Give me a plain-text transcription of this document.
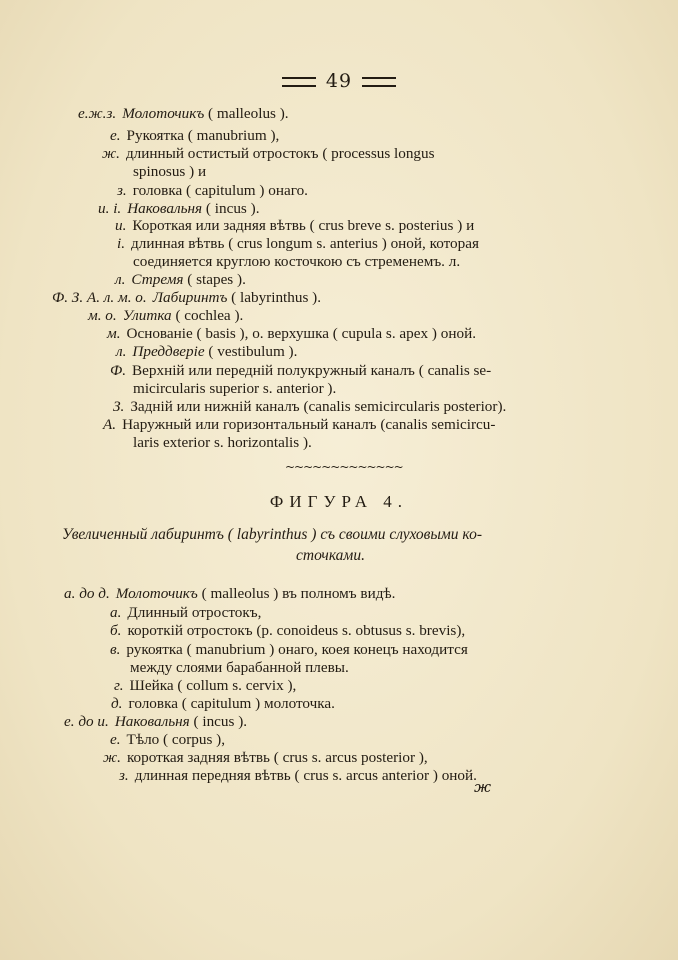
49
е.ж.з. Молоточикъ ( malleolus ).
е. Рукоятка ( manubrium ),
ж. длинный остистый отростокъ ( processus longus
spinosus ) и
з. головка ( capitulum ) онаго.
и. і. Наковальня ( incus ).
и. Короткая или задняя вѣтвь ( crus breve s. posterius ) и
і. длинная вѣтвь ( crus longum s. anterius ) оной, которая
соединяется круглою косточкою съ стременемъ. л.
л. Стремя ( stapes ).
Ф. З. А. л. м. о. Лабиринтъ ( labyrinthus ).
м. о. Улитка ( cochlea ).
м. Основаніе ( basis ), о. верхушка ( cupula s. apex ) оной.
л. Преддверіе ( vestibulum ).
Ф. Верхній или передній полукружный каналъ ( canalis se-
micircularis superior s. anterior ).
З. Задній или нижній каналъ (canalis semicircularis posterior).
А. Наружный или горизонтальный каналъ (canalis semicircu-
laris exterior s. horizontalis ).
~~~~~~~~~~~~~
ФИГУРА 4.
Увеличенный лабиринтъ ( labyrinthus ) съ своими слуховыми ко-
сточками.
а. до д. Молоточикъ ( malleolus ) въ полномъ видѣ.
а. Длинный отростокъ,
б. короткій отростокъ (p. conoideus s. obtusus s. brevis),
в. рукоятка ( manubrium ) онаго, коея конецъ находится
между слоями барабанной плевы.
г. Шейка ( collum s. cervix ),
д. головка ( capitulum ) молоточка.
е. до и. Наковальня ( incus ).
е. Тѣло ( corpus ),
ж. короткая задняя вѣтвь ( crus s. arcus posterior ),
з. длинная передняя вѣтвь ( crus s. arcus anterior ) оной.
ж
